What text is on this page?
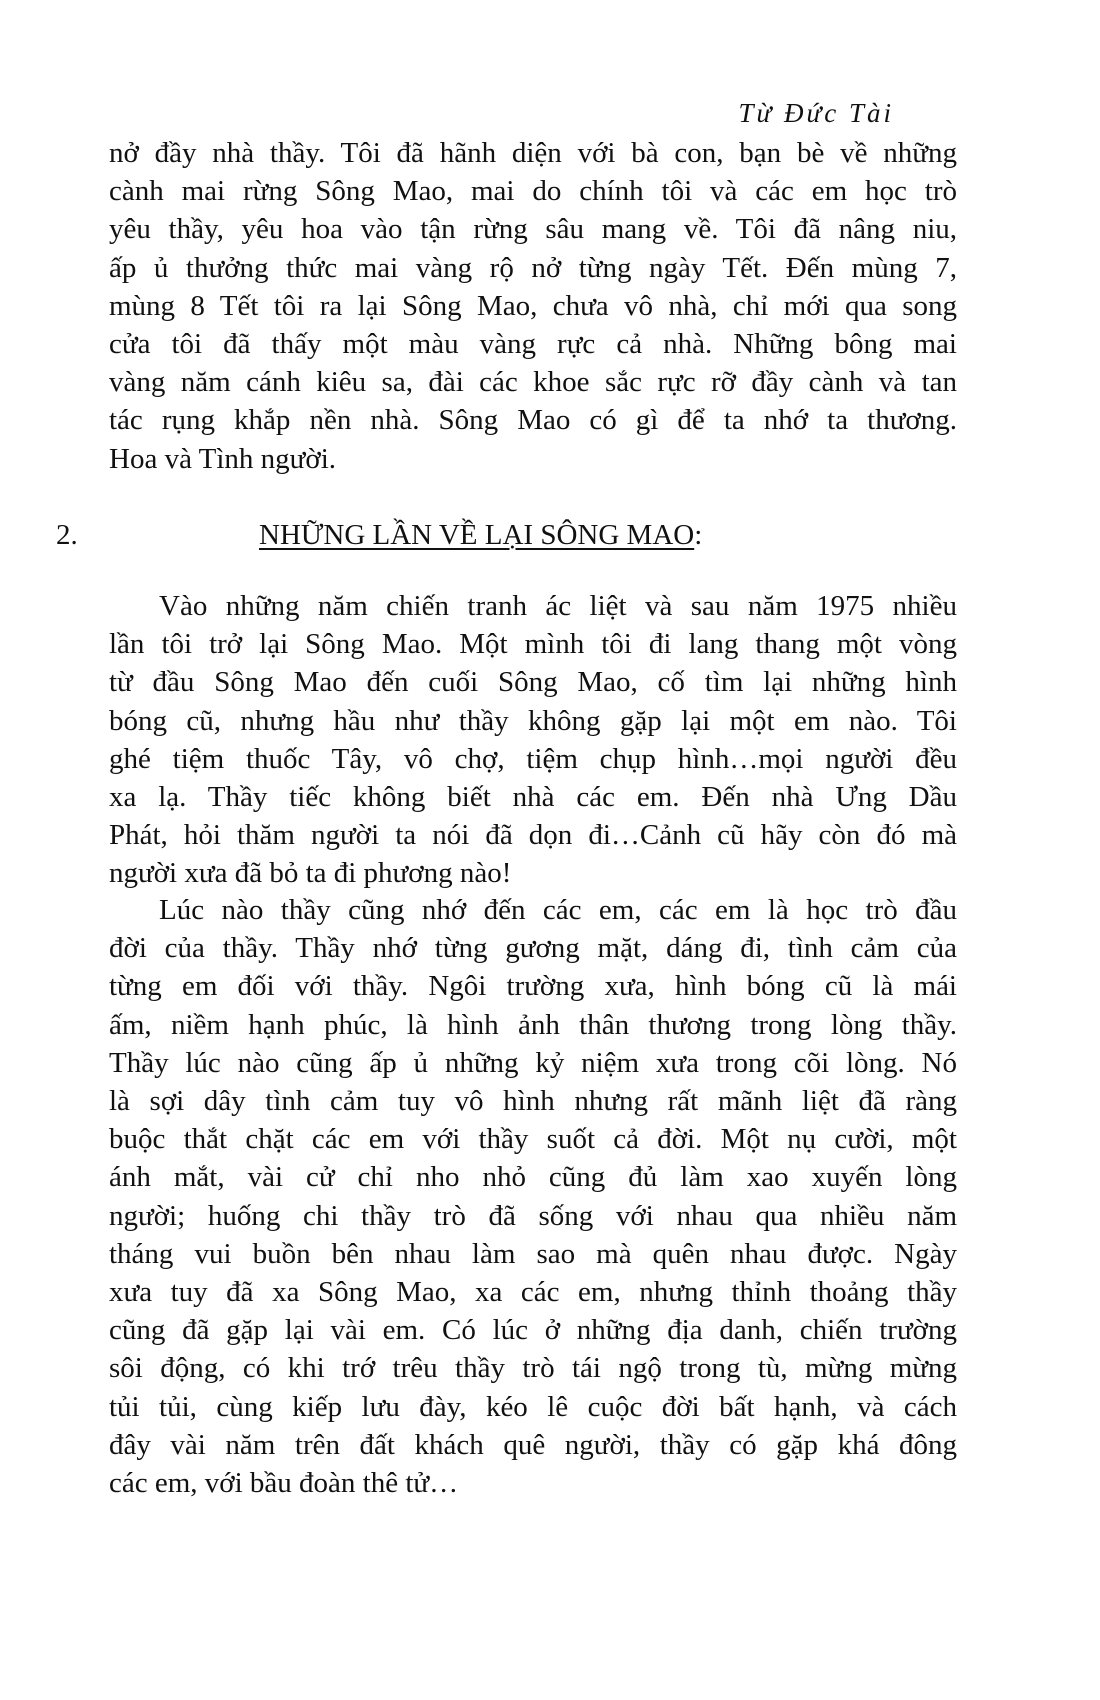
Từ Đức Tài
nở đầy nhà thầy. Tôi đã hãnh diện với bà con, bạn bè về những
cành mai rừng Sông Mao, mai do chính tôi và các em học trò
yêu thầy, yêu hoa vào tận rừng sâu mang về. Tôi đã nâng niu,
ấp ủ thưởng thức mai vàng rộ nở từng ngày Tết. Đến mùng 7,
mùng 8 Tết tôi ra lại Sông Mao, chưa vô nhà, chỉ mới qua song
cửa tôi đã thấy một màu vàng rực cả nhà. Những bông mai
vàng năm cánh kiêu sa, đài các khoe sắc rực rỡ đầy cành và tan
tác rụng khắp nền nhà. Sông Mao có gì để ta nhớ ta thương.
Hoa và Tình người.
2.	NHỮNG LẦN VỀ LẠI SÔNG MAO:
Vào những năm chiến tranh ác liệt và sau năm 1975 nhiều
lần tôi trở lại Sông Mao. Một mình tôi đi lang thang một vòng
từ đầu Sông Mao đến cuối Sông Mao, cố tìm lại những hình
bóng cũ, nhưng hầu như thầy không gặp lại một em nào. Tôi
ghé tiệm thuốc Tây, vô chợ, tiệm chụp hình…mọi người đều
xa lạ. Thầy tiếc không biết nhà các em. Đến nhà Ưng Dầu
Phát, hỏi thăm người ta nói đã dọn đi…Cảnh cũ hãy còn đó mà
người xưa đã bỏ ta đi phương nào!
Lúc nào thầy cũng nhớ đến các em, các em là học trò đầu
đời của thầy. Thầy nhớ từng gương mặt, dáng đi, tình cảm của
từng em đối với thầy. Ngôi trường xưa, hình bóng cũ là mái
ấm, niềm hạnh phúc, là hình ảnh thân thương trong lòng thầy.
Thầy lúc nào cũng ấp ủ những kỷ niệm xưa trong cõi lòng. Nó
là sợi dây tình cảm tuy vô hình nhưng rất mãnh liệt đã ràng
buộc thắt chặt các em với thầy suốt cả đời. Một nụ cười, một
ánh mắt, vài cử chỉ nho nhỏ cũng đủ làm xao xuyến lòng
người; huống chi thầy trò đã sống với nhau qua nhiều năm
tháng vui buồn bên nhau làm sao mà quên nhau được. Ngày
xưa tuy đã xa Sông Mao, xa các em, nhưng thỉnh thoảng thầy
cũng đã gặp lại vài em. Có lúc ở những địa danh, chiến trường
sôi động, có khi trớ trêu thầy trò tái ngộ trong tù, mừng mừng
tủi tủi, cùng kiếp lưu đày, kéo lê cuộc đời bất hạnh, và cách
đây vài năm trên đất khách quê người, thầy có gặp khá đông
các em, với bầu đoàn thê tử…
